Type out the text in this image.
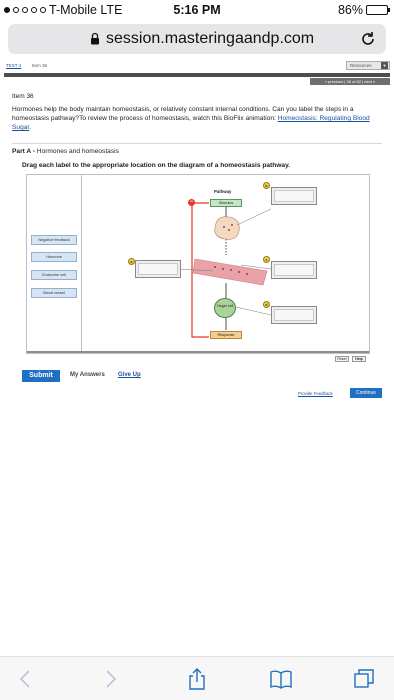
T-Mobile LTE	5:16 PM	86%
session.masteringaandp.com
TEST 4 Item 36	Resources	▼
« previous | 36 of 62 | next »
Item 36
Hormones help the body maintain homeostasis, or relatively constant internal conditions. Can you label the steps in a homeostasis pathway?To review the process of homeostasis, watch this BioFlix animation: Homeostasis: Regulating Blood Sugar.
Part A - Hormones and homeostasis
Drag each label to the appropriate location on the diagram of a homeostasis pathway.
Negative feedback
Hormone
Endocrine cell
Blood vessel
−
Pathway
Stimulus
Target cell
Response
a
b
c
d
Reset	Help
Submit	My Answers Give Up
Provide Feedback	Continue
